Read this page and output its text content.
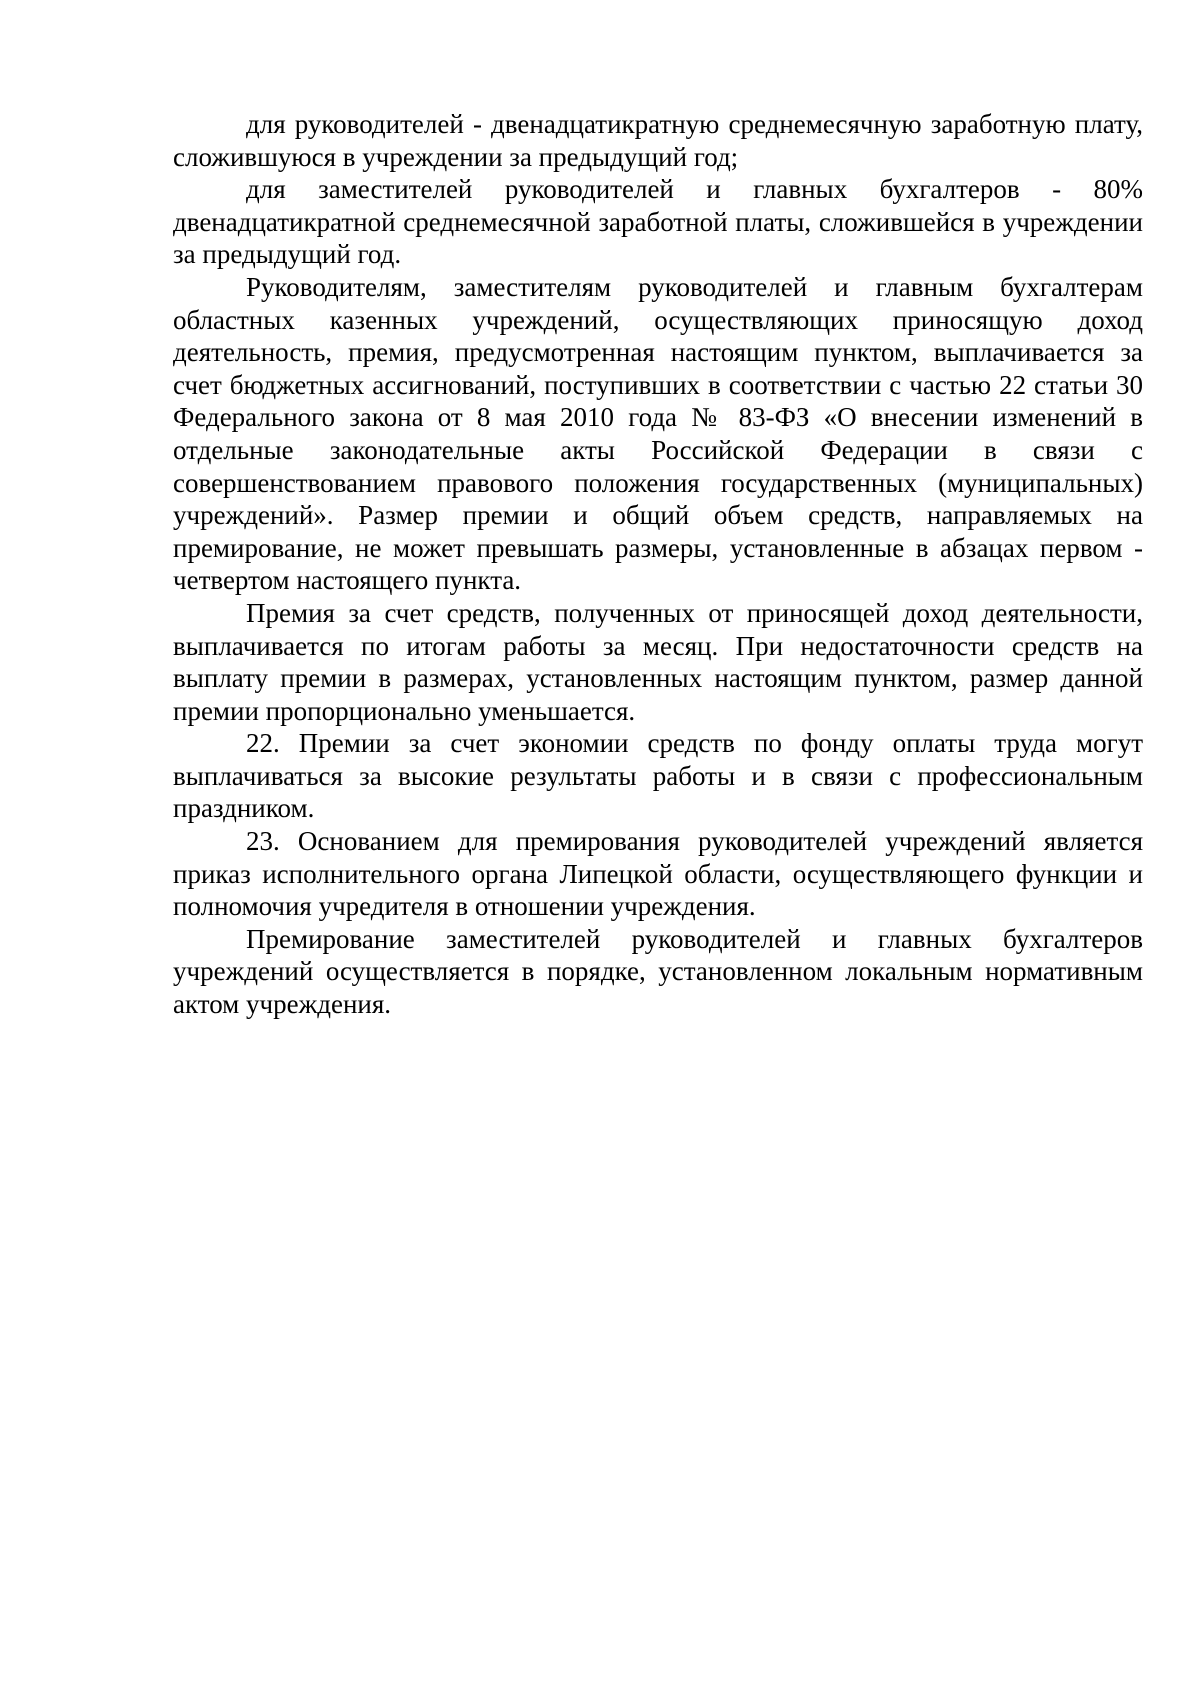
для руководителей - двенадцатикратную среднемесячную заработную плату, сложившуюся в учреждении за предыдущий год;

для заместителей руководителей и главных бухгалтеров - 80% двенадцатикратной среднемесячной заработной платы, сложившейся в учреждении за предыдущий год.

Руководителям, заместителям руководителей и главным бухгалтерам областных казенных учреждений, осуществляющих приносящую доход деятельность, премия, предусмотренная настоящим пунктом, выплачивается за счет бюджетных ассигнований, поступивших в соответствии с частью 22 статьи 30 Федерального закона от 8 мая 2010 года № 83-ФЗ «О внесении изменений в отдельные законодательные акты Российской Федерации в связи с совершенствованием правового положения государственных (муниципальных) учреждений». Размер премии и общий объем средств, направляемых на премирование, не может превышать размеры, установленные в абзацах первом - четвертом настоящего пункта.

Премия за счет средств, полученных от приносящей доход деятельности, выплачивается по итогам работы за месяц. При недостаточности средств на выплату премии в размерах, установленных настоящим пунктом, размер данной премии пропорционально уменьшается.

22. Премии за счет экономии средств по фонду оплаты труда могут выплачиваться за высокие результаты работы и в связи с профессиональным праздником.

23. Основанием для премирования руководителей учреждений является приказ исполнительного органа Липецкой области, осуществляющего функции и полномочия учредителя в отношении учреждения.

Премирование заместителей руководителей и главных бухгалтеров учреждений осуществляется в порядке, установленном локальным нормативным актом учреждения.
